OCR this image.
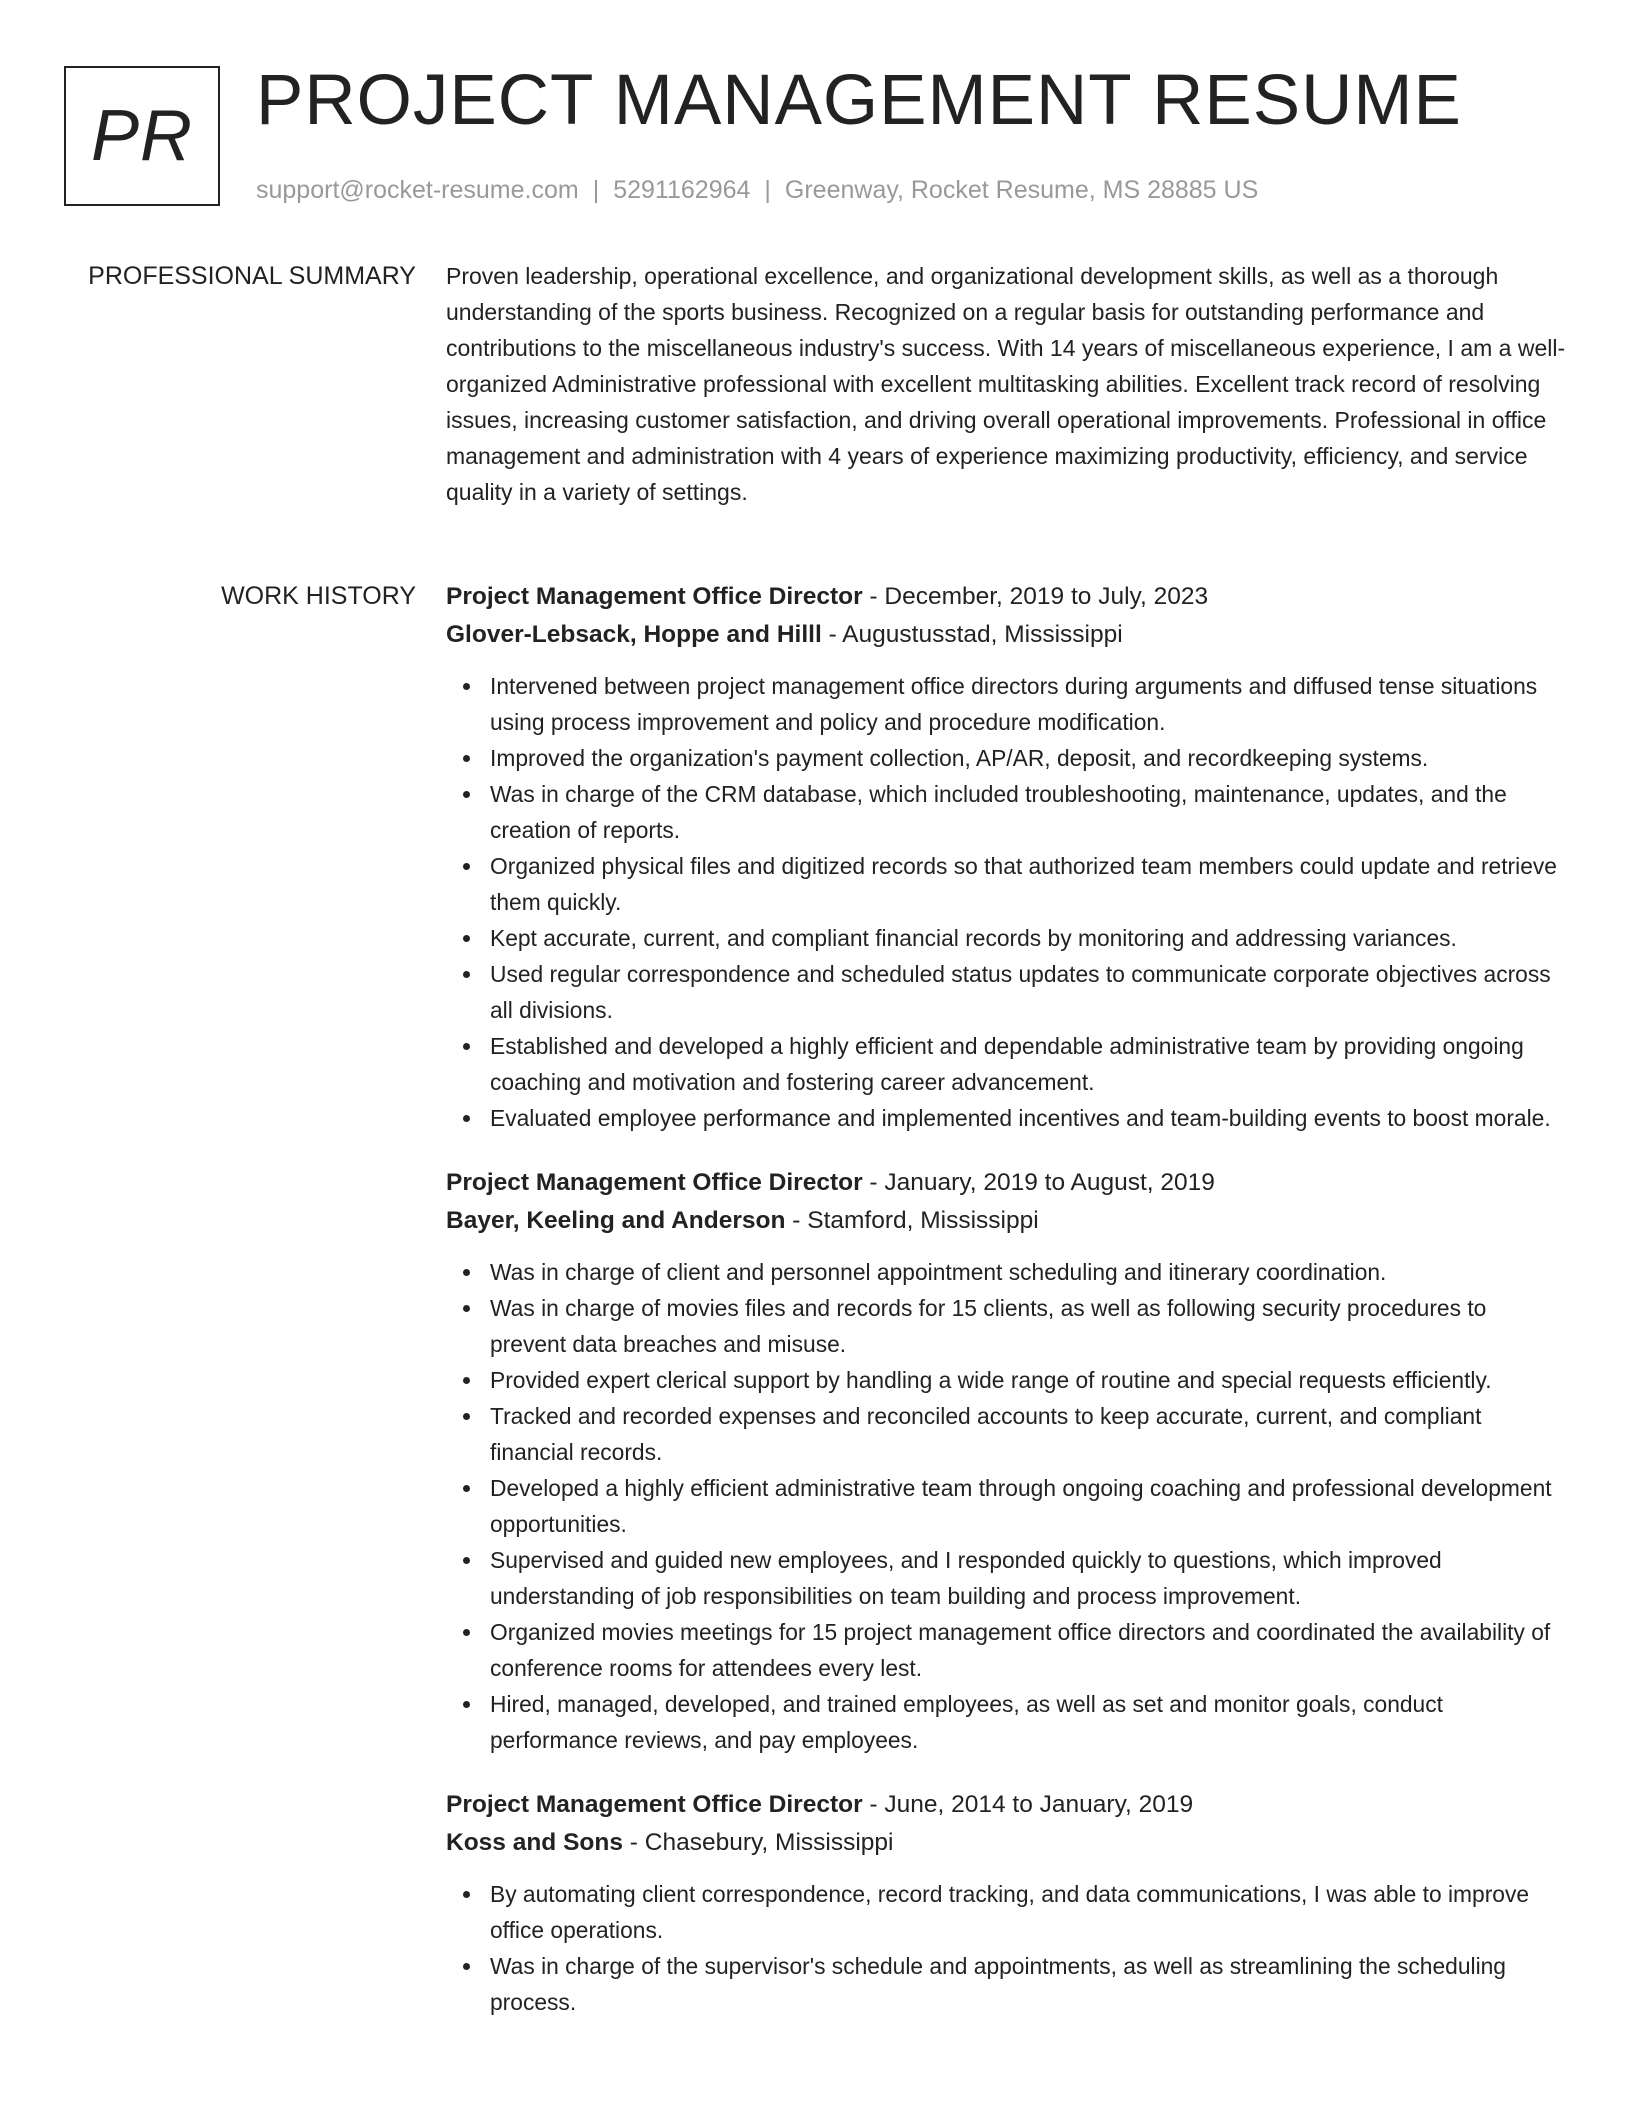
PR PROJECT MANAGEMENT RESUME
support@rocket-resume.com | 5291162964 | Greenway, Rocket Resume, MS 28885 US
PROFESSIONAL SUMMARY Proven leadership, operational excellence, and organizational development skills, as well as a thorough understanding of the sports business. Recognized on a regular basis for outstanding performance and contributions to the miscellaneous industry's success. With 14 years of miscellaneous experience, I am a well-organized Administrative professional with excellent multitasking abilities. Excellent track record of resolving issues, increasing customer satisfaction, and driving overall operational improvements. Professional in office management and administration with 4 years of experience maximizing productivity, efficiency, and service quality in a variety of settings.

WORK HISTORY Project Management Office Director - December, 2019 to July, 2023
Glover-Lebsack, Hoppe and Hilll - Augustusstad, Mississippi
Intervened between project management office directors during arguments and diffused tense situations using process improvement and policy and procedure modification.
Improved the organization's payment collection, AP/AR, deposit, and recordkeeping systems.
Was in charge of the CRM database, which included troubleshooting, maintenance, updates, and the creation of reports.
Organized physical files and digitized records so that authorized team members could update and retrieve them quickly.
Kept accurate, current, and compliant financial records by monitoring and addressing variances.
Used regular correspondence and scheduled status updates to communicate corporate objectives across all divisions.
Established and developed a highly efficient and dependable administrative team by providing ongoing coaching and motivation and fostering career advancement.
Evaluated employee performance and implemented incentives and team-building events to boost morale.
Project Management Office Director - January, 2019 to August, 2019
Bayer, Keeling and Anderson - Stamford, Mississippi
Was in charge of client and personnel appointment scheduling and itinerary coordination.
Was in charge of movies files and records for 15 clients, as well as following security procedures to prevent data breaches and misuse.
Provided expert clerical support by handling a wide range of routine and special requests efficiently.
Tracked and recorded expenses and reconciled accounts to keep accurate, current, and compliant financial records.
Developed a highly efficient administrative team through ongoing coaching and professional development opportunities.
Supervised and guided new employees, and I responded quickly to questions, which improved understanding of job responsibilities on team building and process improvement.
Organized movies meetings for 15 project management office directors and coordinated the availability of conference rooms for attendees every lest.
Hired, managed, developed, and trained employees, as well as set and monitor goals, conduct performance reviews, and pay employees.
Project Management Office Director - June, 2014 to January, 2019
Koss and Sons - Chasebury, Mississippi
By automating client correspondence, record tracking, and data communications, I was able to improve office operations.
Was in charge of the supervisor's schedule and appointments, as well as streamlining the scheduling process.
